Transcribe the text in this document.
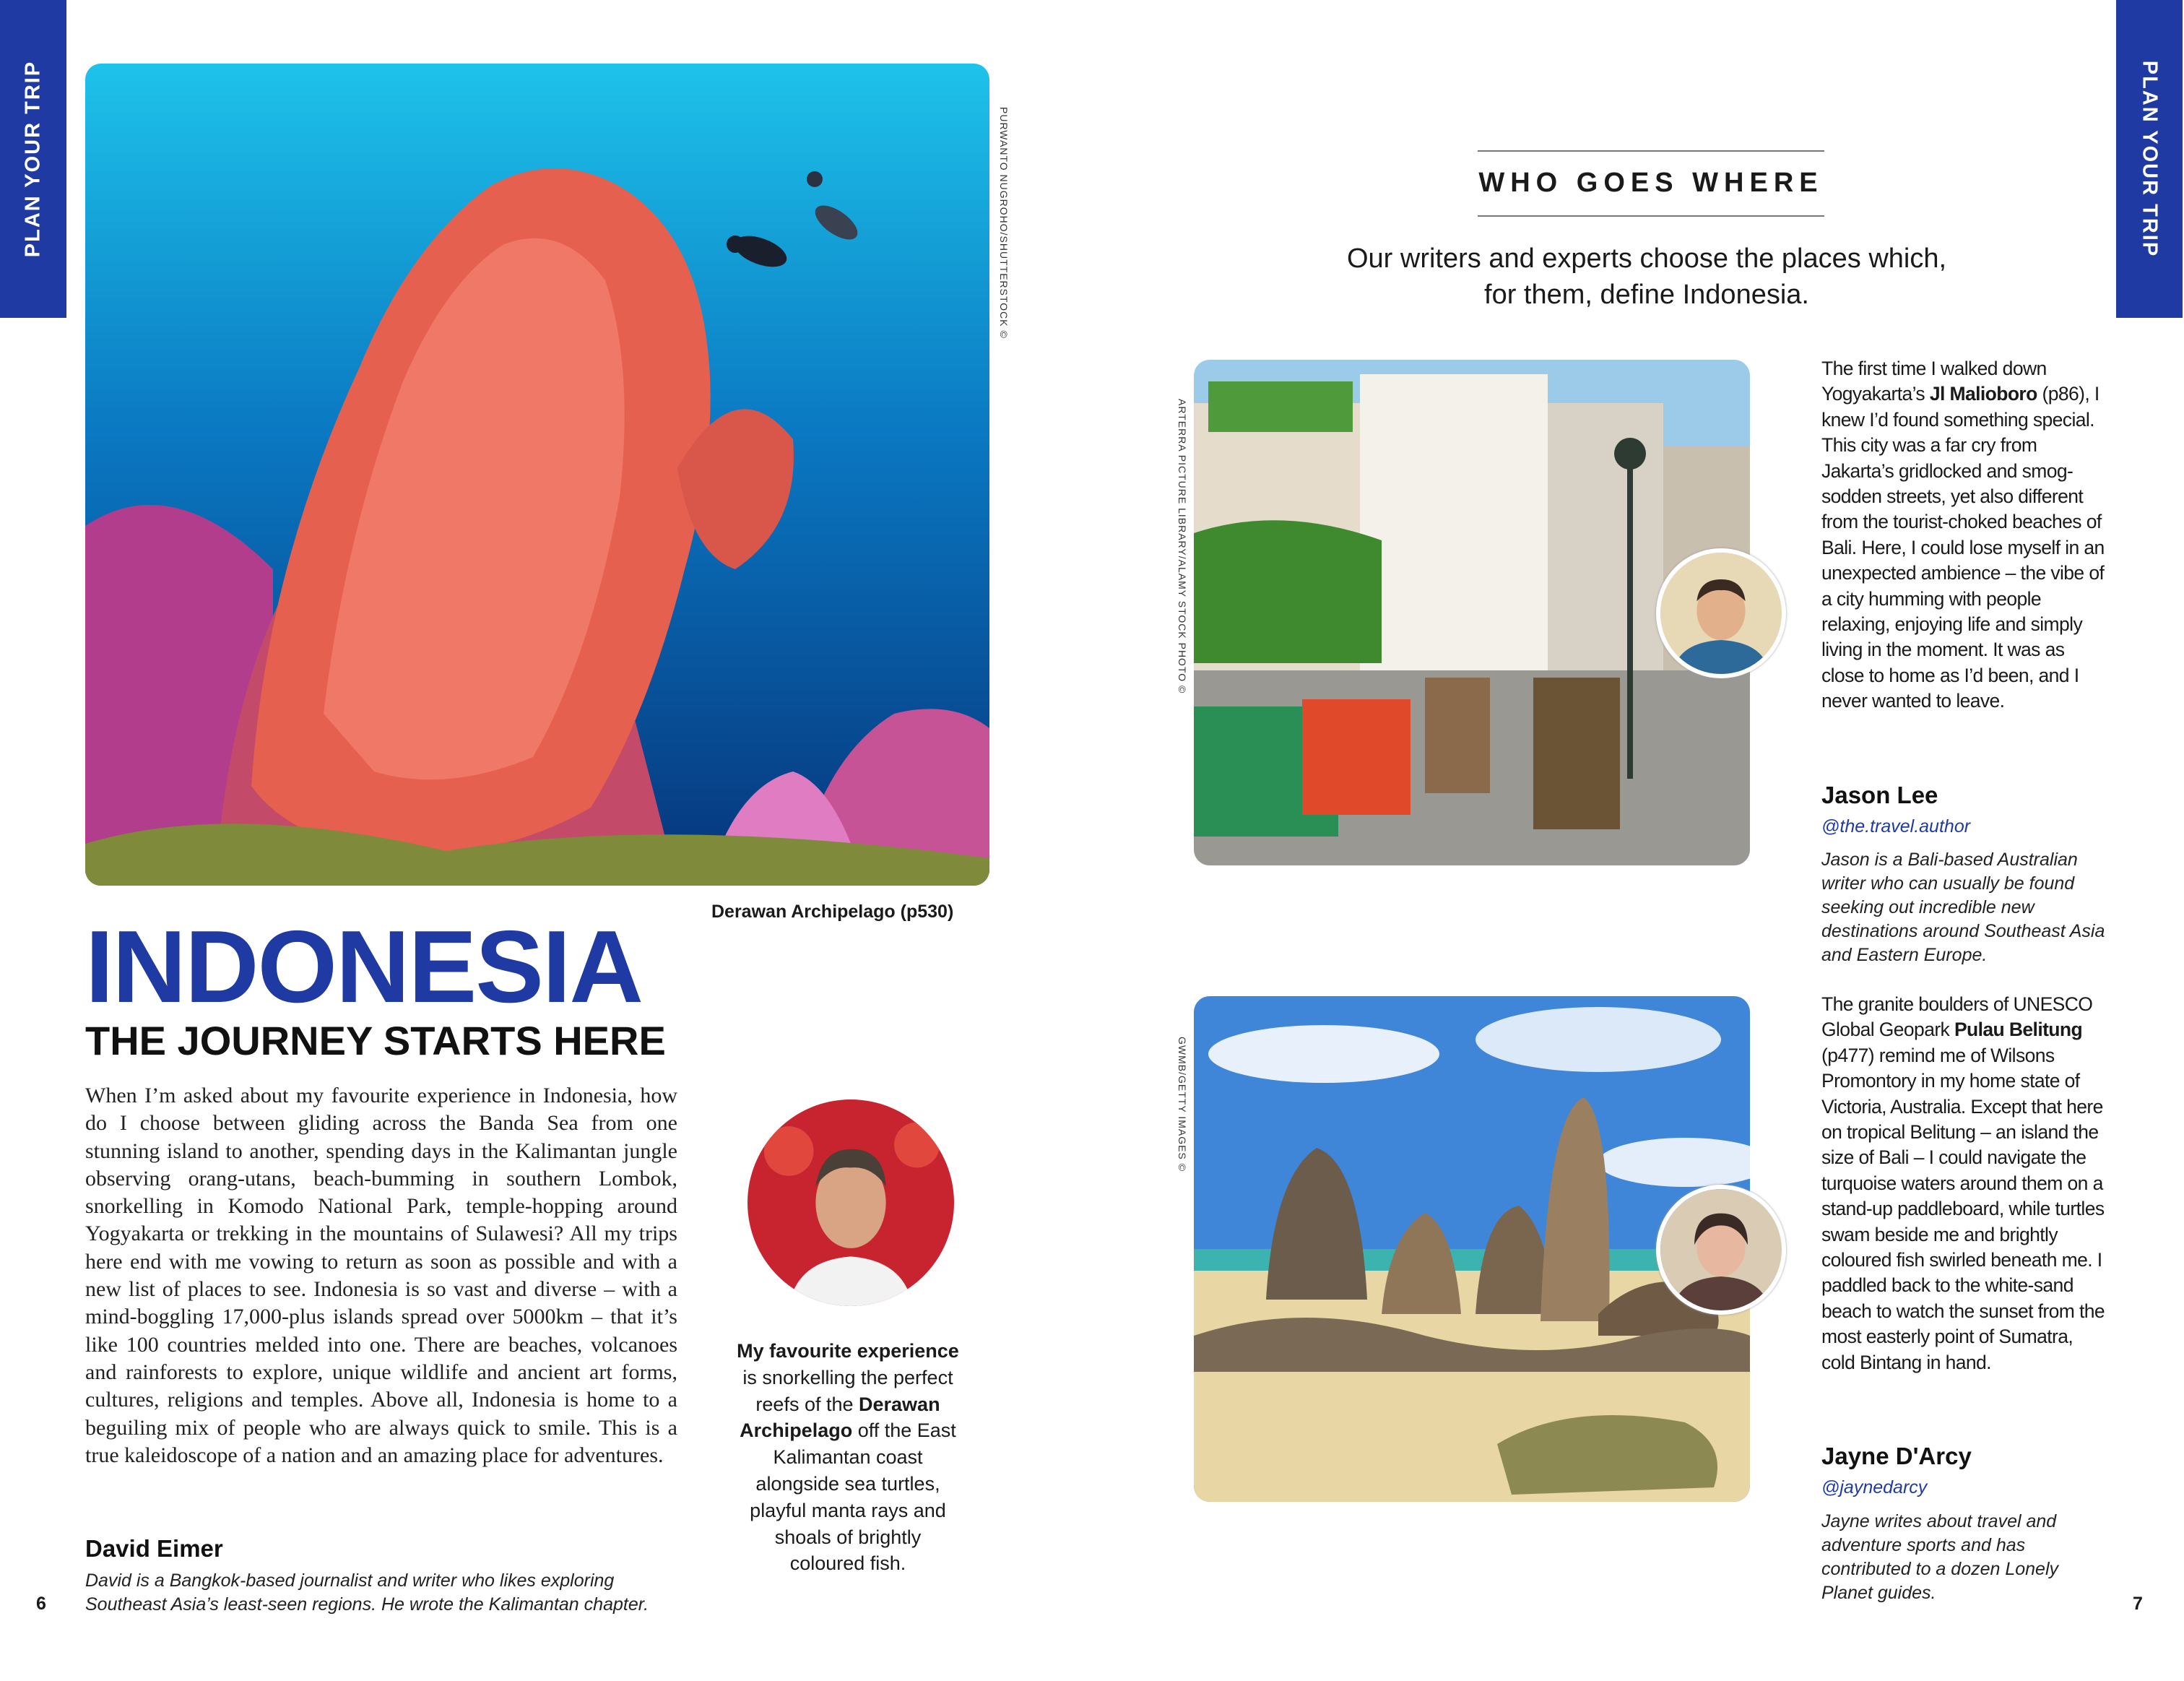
PLAN YOUR TRIP	PLAN YOUR TRIP
PURWANTO NUGROHO/SHUTTERSTOCK ©
Derawan Archipelago (p530)
INDONESIA
THE JOURNEY STARTS HERE
When I’m asked about my favourite experience in Indonesia, how do I choose between gliding across the Banda Sea from one stunning island to another, spending days in the Kalimantan jungle observing orang-utans, beach-bumming in southern Lombok, snorkelling in Komodo National Park, temple-hopping around Yogyakarta or trekking in the mountains of Sulawesi? All my trips here end with me vowing to return as soon as possible and with a new list of places to see. Indonesia is so vast and diverse – with a mind-boggling 17,000-plus islands spread over 5000km – that it’s like 100 countries melded into one. There are beaches, volcanoes and rainforests to explore, unique wildlife and ancient art forms, cultures, religions and temples. Above all, Indonesia is home to a beguiling mix of people who are always quick to smile. This is a true kaleidoscope of a nation and an amazing place for adventures.
David Eimer
David is a Bangkok-based journalist and writer who likes exploring Southeast Asia’s least-seen regions. He wrote the Kalimantan chapter.
My favourite experience is snorkelling the perfect reefs of the Derawan Archipelago off the East Kalimantan coast alongside sea turtles, playful manta rays and shoals of brightly coloured fish.
6	7
WHO GOES WHERE
Our writers and experts choose the places which,
for them, define Indonesia.
ARTERRA PICTURE LIBRARY/ALAMY STOCK PHOTO ©
The first time I walked down Yogyakarta’s Jl Malioboro (p86), I knew I’d found something special. This city was a far cry from Jakarta’s gridlocked and smog-sodden streets, yet also different from the tourist-choked beaches of Bali. Here, I could lose myself in an unexpected ambience – the vibe of a city humming with people relaxing, enjoying life and simply living in the moment. It was as close to home as I’d been, and I never wanted to leave.
Jason Lee
@the.travel.author
Jason is a Bali-based Australian writer who can usually be found seeking out incredible new destinations around Southeast Asia and Eastern Europe.
GWMB/GETTY IMAGES ©
The granite boulders of UNESCO Global Geopark Pulau Belitung (p477) remind me of Wilsons Promontory in my home state of Victoria, Australia. Except that here on tropical Belitung – an island the size of Bali – I could navigate the turquoise waters around them on a stand-up paddleboard, while turtles swam beside me and brightly coloured fish swirled beneath me. I paddled back to the white-sand beach to watch the sunset from the most easterly point of Sumatra, cold Bintang in hand.
Jayne D'Arcy
@jaynedarcy
Jayne writes about travel and adventure sports and has contributed to a dozen Lonely Planet guides.
